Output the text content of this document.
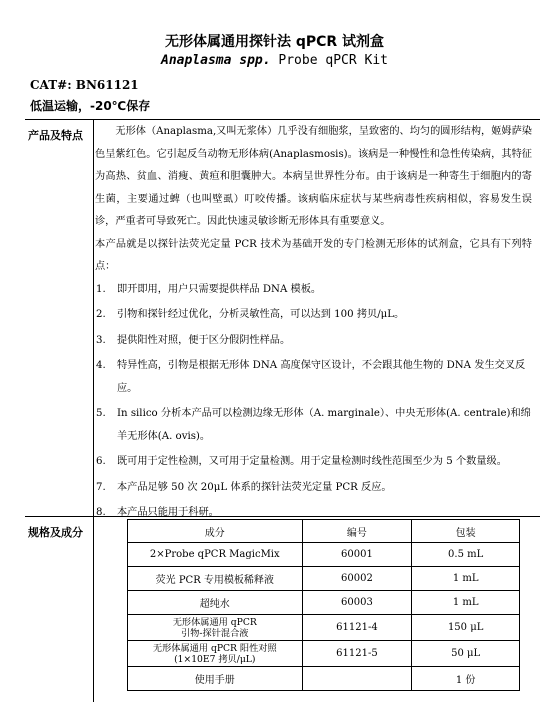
无形体属通用探针法 qPCR 试剂盒
Anaplasma spp. Probe qPCR Kit
CAT#: BN61121
低温运输，-20℃保存
产品及特点
规格及成分

无形体（Anaplasma,又叫无浆体）几乎没有细胞浆，呈致密的、均匀的圆形结构，姬姆萨染色呈紫红色。它引起反刍动物无形体病(Anaplasmosis)。该病是一种慢性和急性传染病，其特征为高热、贫血、消瘦、黄疸和胆囊肿大。本病呈世界性分布。由于该病是一种寄生于细胞内的寄生菌，主要通过蜱（也叫壁虱）叮咬传播。该病临床症状与某些病毒性疾病相似，容易发生误诊，严重者可导致死亡。因此快速灵敏诊断无形体具有重要意义。

本产品就是以探针法荧光定量 PCR 技术为基础开发的专门检测无形体的试剂盒，它具有下列特点：

1. 即开即用，用户只需要提供样品 DNA 模板。
2. 引物和探针经过优化，分析灵敏性高，可以达到 100 拷贝/μL。
3. 提供阳性对照，便于区分假阴性样品。
4. 特异性高，引物是根据无形体 DNA 高度保守区设计，不会跟其他生物的 DNA 发生交叉反应。
5. In silico 分析本产品可以检测边缘无形体（A. marginale）、中央无形体(A. centrale)和绵羊无形体(A. ovis)。
6. 既可用于定性检测，又可用于定量检测。用于定量检测时线性范围至少为 5 个数量级。
7. 本产品足够 50 次 20μL 体系的探针法荧光定量 PCR 反应。
8. 本产品只能用于科研。
成分	编号	包装
2×Probe qPCR MagicMix	60001	0.5 mL
荧光 PCR 专用模板稀释液	60002	1 mL
超纯水	60003	1 mL

无形体属通用 qPCR
引物-探针混合液	61121-4	150 μL

无形体属通用 qPCR 阳性对照
(1×10E7 拷贝/μL)	61121-5	50 μL
使用手册		1 份
